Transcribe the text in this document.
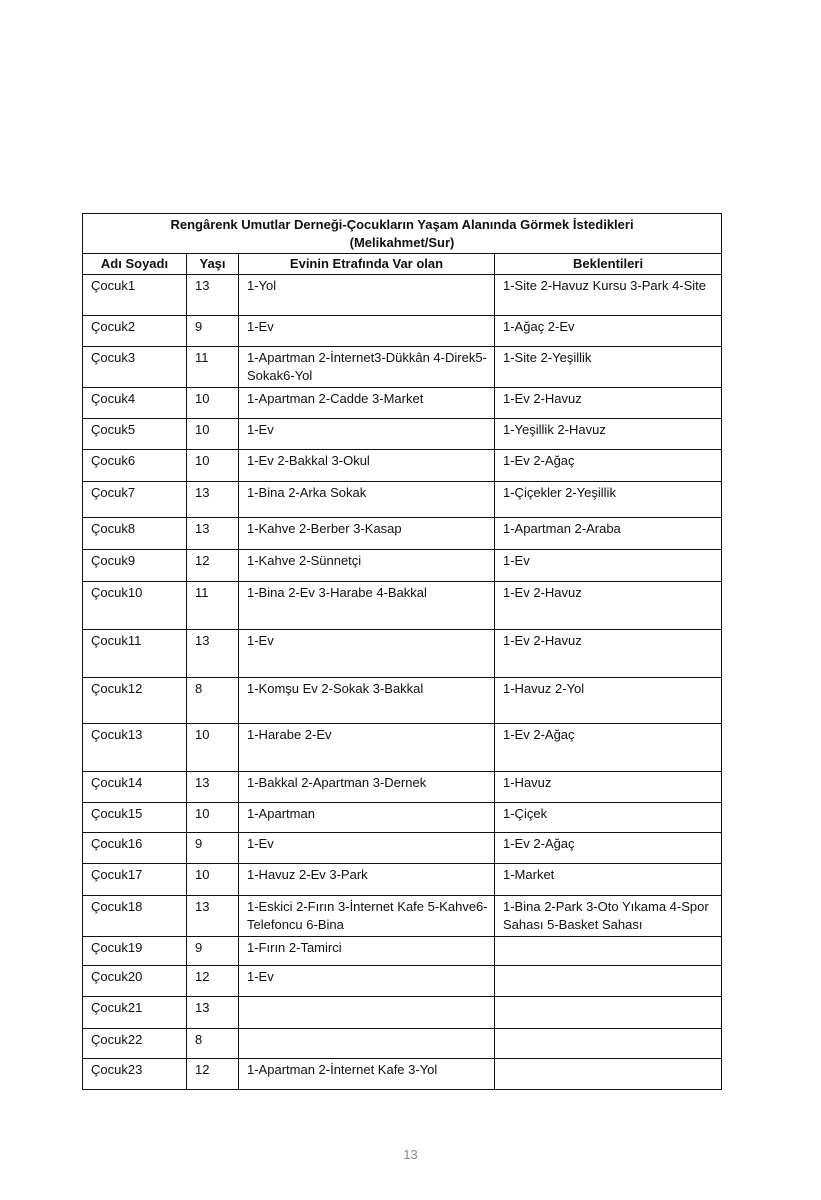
Rengârenk Umutlar Derneği-Çocukların Yaşam Alanında Görmek İstedikleri
(Melikahmet/Sur)			

Adı Soyadı	Yaşı	Evinin Etrafında Var olan	Beklentileri
Çocuk1	13	1-Yol	1-Site 2-Havuz Kursu 3-Park 4-Site
Çocuk2	9	1-Ev	1-Ağaç 2-Ev
Çocuk3	11	1-Apartman 2-İnternet3-Dükkân 4-Direk5-Sokak6-Yol	1-Site 2-Yeşillik
Çocuk4	10	1-Apartman 2-Cadde 3-Market	1-Ev 2-Havuz
Çocuk5	10	1-Ev	1-Yeşillik 2-Havuz
Çocuk6	10	1-Ev 2-Bakkal 3-Okul	1-Ev 2-Ağaç
Çocuk7	13	1-Bina 2-Arka Sokak	1-Çiçekler 2-Yeşillik
Çocuk8	13	1-Kahve 2-Berber 3-Kasap	1-Apartman 2-Araba
Çocuk9	12	1-Kahve 2-Sünnetçi	1-Ev
Çocuk10	11	1-Bina 2-Ev 3-Harabe 4-Bakkal	1-Ev 2-Havuz
Çocuk11	13	1-Ev	1-Ev 2-Havuz
Çocuk12	8	1-Komşu Ev 2-Sokak 3-Bakkal	1-Havuz 2-Yol
Çocuk13	10	1-Harabe 2-Ev	1-Ev 2-Ağaç
Çocuk14	13	1-Bakkal 2-Apartman 3-Dernek	1-Havuz
Çocuk15	10	1-Apartman	1-Çiçek
Çocuk16	9	1-Ev	1-Ev 2-Ağaç
Çocuk17	10	1-Havuz 2-Ev 3-Park	1-Market
Çocuk18	13	1-Eskici 2-Fırın 3-İnternet Kafe 5-Kahve6-Telefoncu 6-Bina	1-Bina 2-Park 3-Oto Yıkama 4-Spor Sahası 5-Basket Sahası
Çocuk19	9	1-Fırın 2-Tamirci	
Çocuk20	12	1-Ev	
Çocuk21	13		
Çocuk22	8		
Çocuk23	12	1-Apartman 2-İnternet Kafe 3-Yol	
13
